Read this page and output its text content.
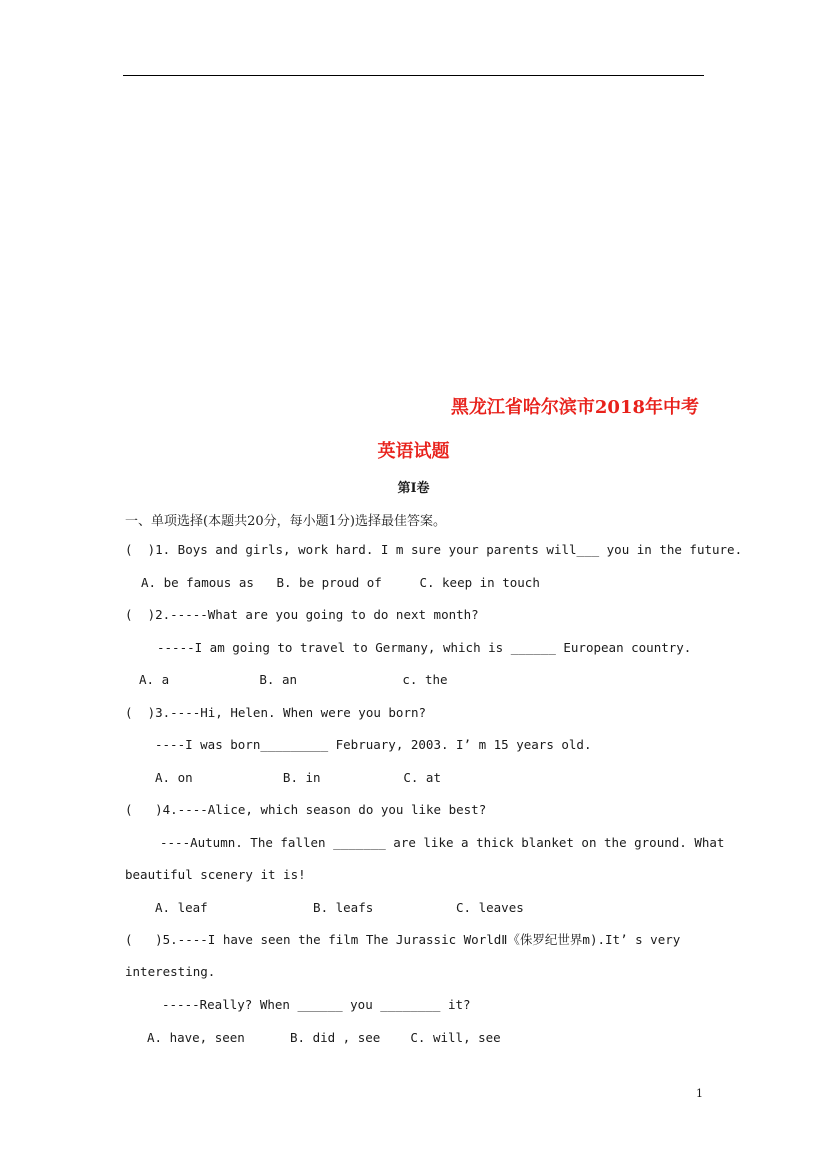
黑龙江省哈尔滨市2018年中考
英语试题
第Ⅰ卷
一、单项选择(本题共20分，每小题1分)选择最佳答案。
(  )1. Boys and girls, work hard. I m sure your parents will___ you in the future.
A. be famous as   B. be proud of     C. keep in touch
(  )2.-----What are you going to do next month?
-----I am going to travel to Germany, which is ______ European country.
A. a            B. an              c. the
(  )3.----Hi, Helen. When were you born?
----I was born_________ February, 2003. I’ m 15 years old.
A. on            B. in           C. at
(   )4.----Alice, which season do you like best?
----Autumn. The fallen _______ are like a thick blanket on the ground. What
beautiful scenery it is!
A. leaf              B. leafs           C. leaves
(   )5.----I have seen the film The Jurassic WorldⅡ《侏罗纪世界m).It’ s very
interesting.
-----Really? When ______ you ________ it?
A. have, seen      B. did , see    C. will, see
1
